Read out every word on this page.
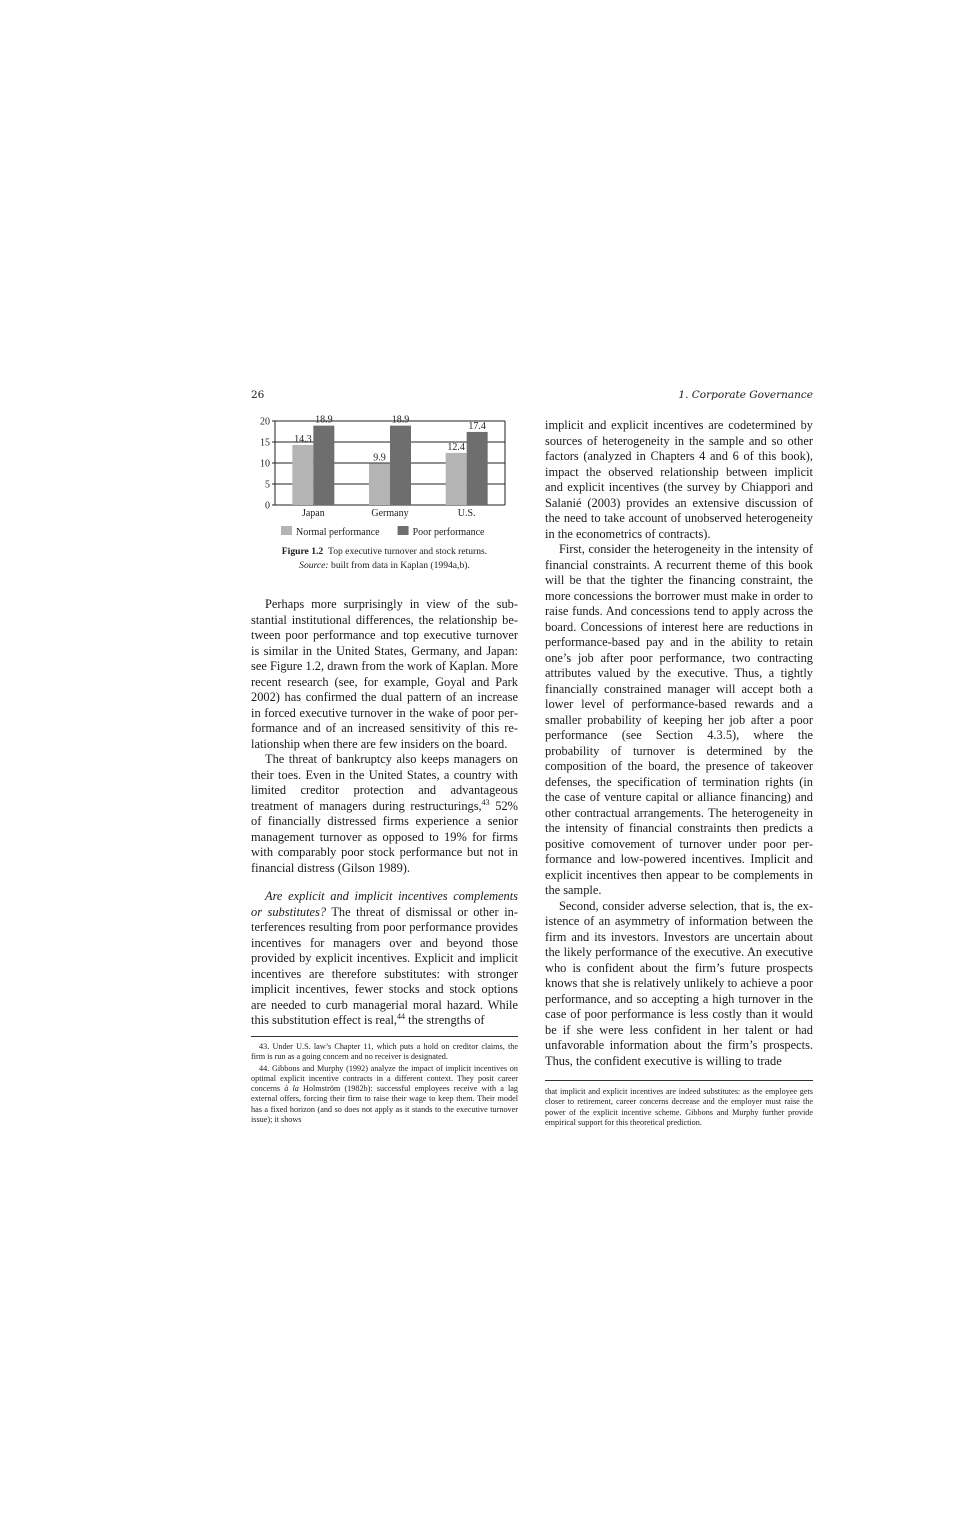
26	1. Corporate Governance
0
5
10
15
20
14.3
18.9
9.9
18.9
12.4
17.4
Japan	Germany	U.S.
Normal performance	Poor performance
Figure 1.2 Top executive turnover and stock returns.
Source: built from data in Kaplan (1994a,b).

Perhaps more surprisingly in view of the substantial institutional differences, the relationship between poor performance and top executive turnover is similar in the United States, Germany, and Japan: see Figure 1.2, drawn from the work of Kaplan. More recent research (see, for example, Goyal and Park 2002) has confirmed the dual pattern of an increase in forced executive turnover in the wake of poor performance and of an increased sensitivity of this relationship when there are few insiders on the board.

The threat of bankruptcy also keeps managers on their toes. Even in the United States, a country with limited creditor protection and advantageous treatment of managers during restructurings,$^{43}$ 52% of financially distressed firms experience a senior management turnover as opposed to 19% for firms with comparably poor stock performance but not in financial distress (Gilson 1989).

Are explicit and implicit incentives complements or substitutes? The threat of dismissal or other interferences resulting from poor performance provides incentives for managers over and beyond those provided by explicit incentives. Explicit and implicit incentives are therefore substitutes: with stronger implicit incentives, fewer stocks and stock options are needed to curb managerial moral hazard. While this substitution effect is real,$^{44}$ the strengths of

implicit and explicit incentives are codetermined by sources of heterogeneity in the sample and so other factors (analyzed in Chapters 4 and 6 of this book), impact the observed relationship between implicit and explicit incentives (the survey by Chiappori and Salanié (2003) provides an extensive discussion of the need to take account of unobserved heterogeneity in the econometrics of contracts).

First, consider the heterogeneity in the intensity of financial constraints. A recurrent theme of this book will be that the tighter the financing constraint, the more concessions the borrower must make in order to raise funds. And concessions tend to apply across the board. Concessions of interest here are reductions in performance-based pay and in the ability to retain one’s job after poor performance, two contracting attributes valued by the executive. Thus, a tightly financially constrained manager will accept both a lower level of performance-based rewards and a smaller probability of keeping her job after a poor performance (see Section 4.3.5), where the probability of turnover is determined by the composition of the board, the presence of takeover defenses, the specification of termination rights (in the case of venture capital or alliance financing) and other contractual arrangements. The heterogeneity in the intensity of financial constraints then predicts a positive comovement of turnover under poor performance and low-powered incentives. Implicit and explicit incentives then appear to be complements in the sample.

Second, consider adverse selection, that is, the existence of an asymmetry of information between the firm and its investors. Investors are uncertain about the likely performance of the executive. An executive who is confident about the firm’s future prospects knows that she is relatively unlikely to achieve a poor performance, and so accepting a high turnover in the case of poor performance is less costly than it would be if she were less confident in her talent or had unfavorable information about the firm’s prospects. Thus, the confident executive is willing to trade

43. Under U.S. law’s Chapter 11, which puts a hold on creditor claims, the firm is run as a going concern and no receiver is designated.

44. Gibbons and Murphy (1992) analyze the impact of implicit incentives on optimal explicit incentive contracts in a different context. They posit career concerns à la Holmström (1982b): successful employees receive with a lag external offers, forcing their firm to raise their wage to keep them. Their model has a fixed horizon (and so does not apply as it stands to the executive turnover issue); it shows

that implicit and explicit incentives are indeed substitutes: as the employee gets closer to retirement, career concerns decrease and the employer must raise the power of the explicit incentive scheme. Gibbons and Murphy further provide empirical support for this theoretical prediction.
